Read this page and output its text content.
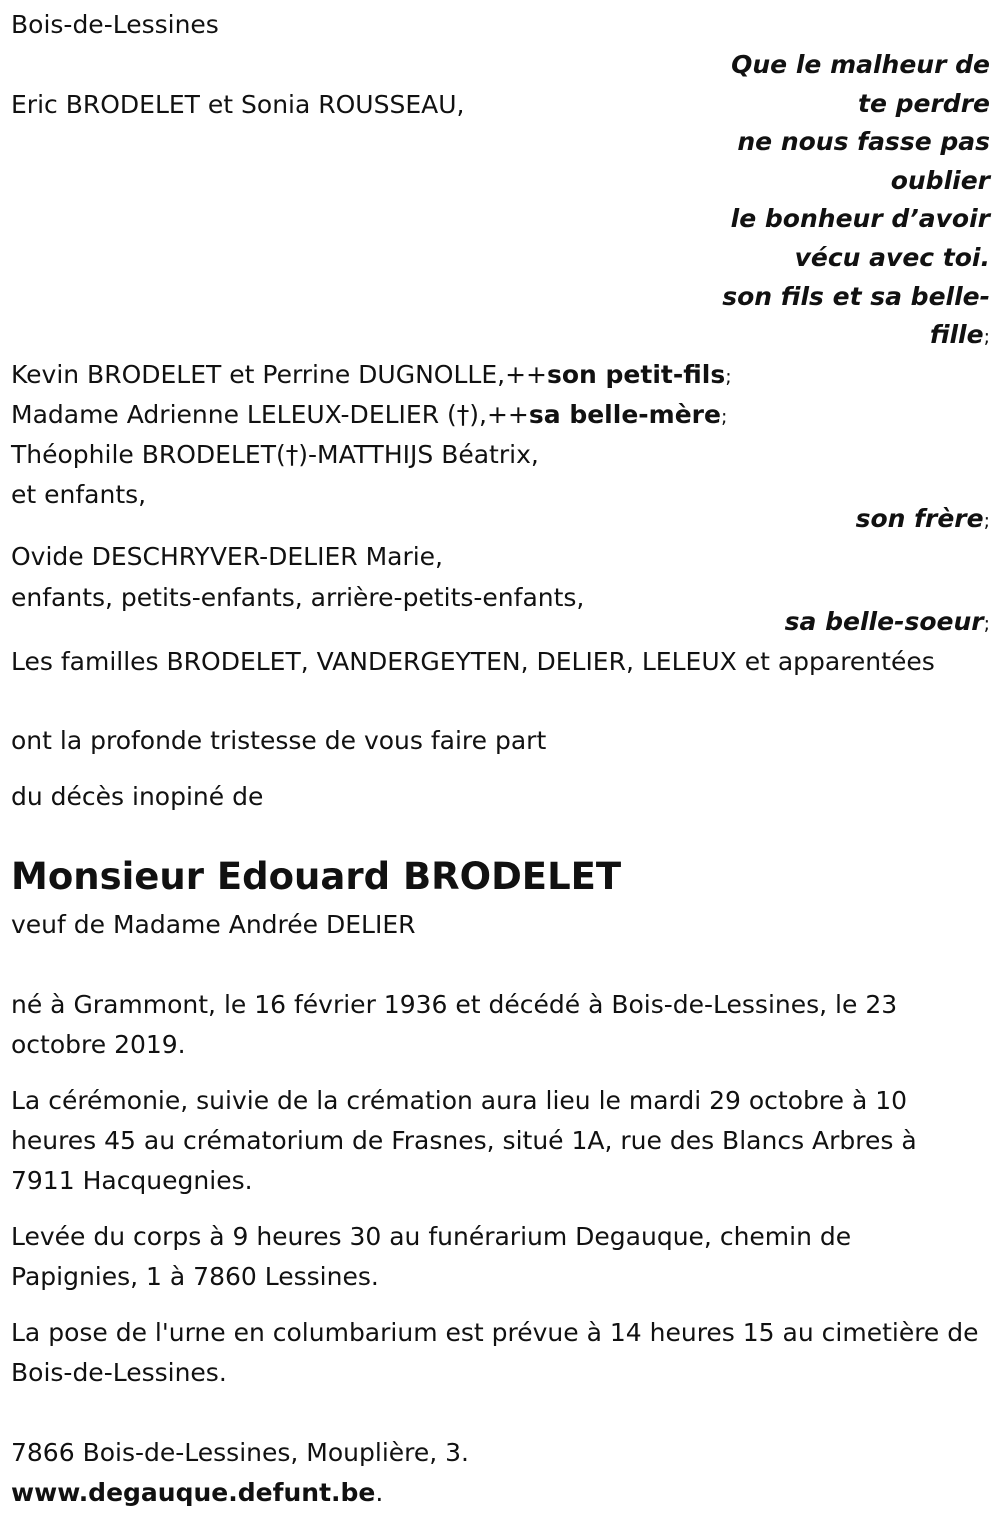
Bois-de-Lessines
Que le malheur de
te perdre
ne nous fasse pas
oublier
le bonheur d’avoir
vécu avec toi.
Eric BRODELET et Sonia ROUSSEAU,
son fils et sa belle-
fille;
Kevin BRODELET et Perrine DUGNOLLE,++son petit-fils;
Madame Adrienne LELEUX-DELIER (†),++sa belle-mère;
Théophile BRODELET(†)-MATTHIJS Béatrix,
et enfants,
son frère;
Ovide DESCHRYVER-DELIER Marie,
enfants, petits-enfants, arrière-petits-enfants,
sa belle-soeur;
Les familles BRODELET, VANDERGEYTEN, DELIER, LELEUX et apparentées
ont la profonde tristesse de vous faire part
du décès inopiné de
Monsieur Edouard BRODELET
veuf de Madame Andrée DELIER
né à Grammont, le 16 février 1936 et décédé à Bois-de-Lessines, le 23 octobre 2019.
La cérémonie, suivie de la crémation aura lieu le mardi 29 octobre à 10 heures 45 au crématorium de Frasnes, situé 1A, rue des Blancs Arbres à 7911 Hacquegnies.
Levée du corps à 9 heures 30 au funérarium Degauque, chemin de Papignies, 1 à 7860 Lessines.
La pose de l'urne en columbarium est prévue à 14 heures 15 au cimetière de Bois-de-Lessines.
7866 Bois-de-Lessines, Mouplière, 3.
www.degauque.defunt.be.
